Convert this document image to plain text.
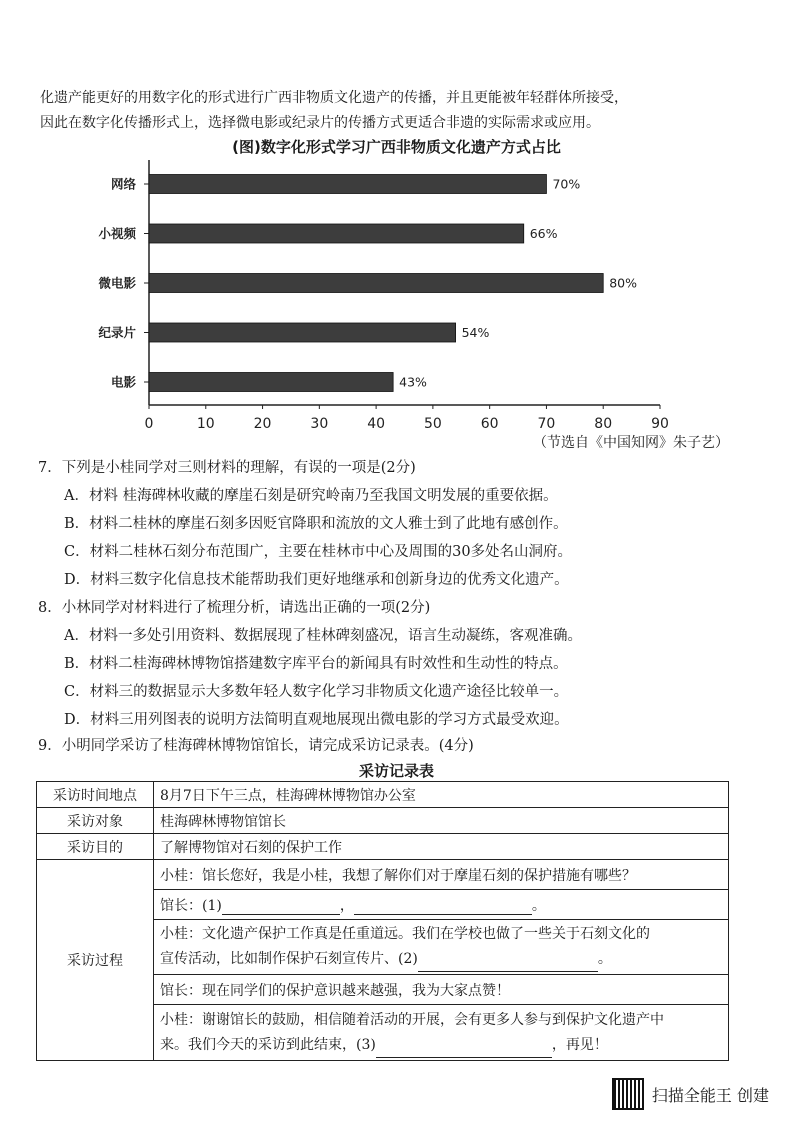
化遗产能更好的用数字化的形式进行广西非物质文化遗产的传播，并且更能被年轻群体所接受，

因此在数字化传播形式上，选择微电影或纪录片的传播方式更适合非遗的实际需求或应用。

(图)数字化形式学习广西非物质文化遗产方式占比
0	10	20	30	40	50	60	70	80	90
网络	70%
小视频	66%
微电影	80%
纪录片	54%
电影	43%
（节选自《中国知网》朱子艺）
7．下列是小桂同学对三则材料的理解，有误的一项是(2分)
A．材料 桂海碑林收藏的摩崖石刻是研究岭南乃至我国文明发展的重要依据。
B．材料二桂林的摩崖石刻多因贬官降职和流放的文人雅士到了此地有感创作。
C．材料二桂林石刻分布范围广，主要在桂林市中心及周围的30多处名山洞府。
D．材料三数字化信息技术能帮助我们更好地继承和创新身边的优秀文化遗产。
8．小林同学对材料进行了梳理分析，请选出正确的一项(2分)
A．材料一多处引用资料、数据展现了桂林碑刻盛况，语言生动凝练，客观准确。
B．材料二桂海碑林博物馆搭建数字库平台的新闻具有时效性和生动性的特点。
C．材料三的数据显示大多数年轻人数字化学习非物质文化遗产途径比较单一。
D．材料三用列图表的说明方法简明直观地展现出微电影的学习方式最受欢迎。
9．小明同学采访了桂海碑林博物馆馆长，请完成采访记录表。(4分)
采访记录表
采访时间地点	8月7日下午三点，桂海碑林博物馆办公室
采访对象	桂海碑林博物馆馆长
采访目的	了解博物馆对石刻的保护工作
采访过程	小桂：馆长您好，我是小桂，我想了解你们对于摩崖石刻的保护措施有哪些？
	馆长：(1) ， 。

	小桂：文化遗产保护工作真是任重道远。我们在学校也做了一些关于石刻文化的
宣传活动，比如制作保护石刻宣传片、(2) 。

	馆长：现在同学们的保护意识越来越强，我为大家点赞！

	小桂：谢谢馆长的鼓励，相信随着活动的开展，会有更多人参与到保护文化遗产中
来。我们今天的采访到此结束，(3) ，再见！
扫描全能王 创建
